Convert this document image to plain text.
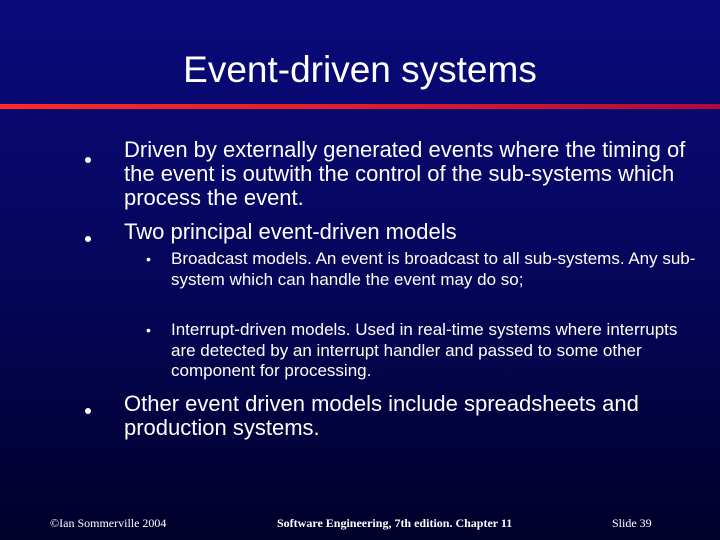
Event-driven systems
Driven by externally generated events where the timing of the event is outwith the control of the sub-systems which process the event.
Two principal event-driven models
• Broadcast models. An event is broadcast to all sub-systems. Any sub-system which can handle the event may do so;
• Interrupt-driven models. Used in real-time systems where interrupts are detected by an interrupt handler and passed to some other component for processing.
Other event driven models include spreadsheets and production systems.
©Ian Sommerville 2004	Software Engineering, 7th edition. Chapter 11	Slide 39
